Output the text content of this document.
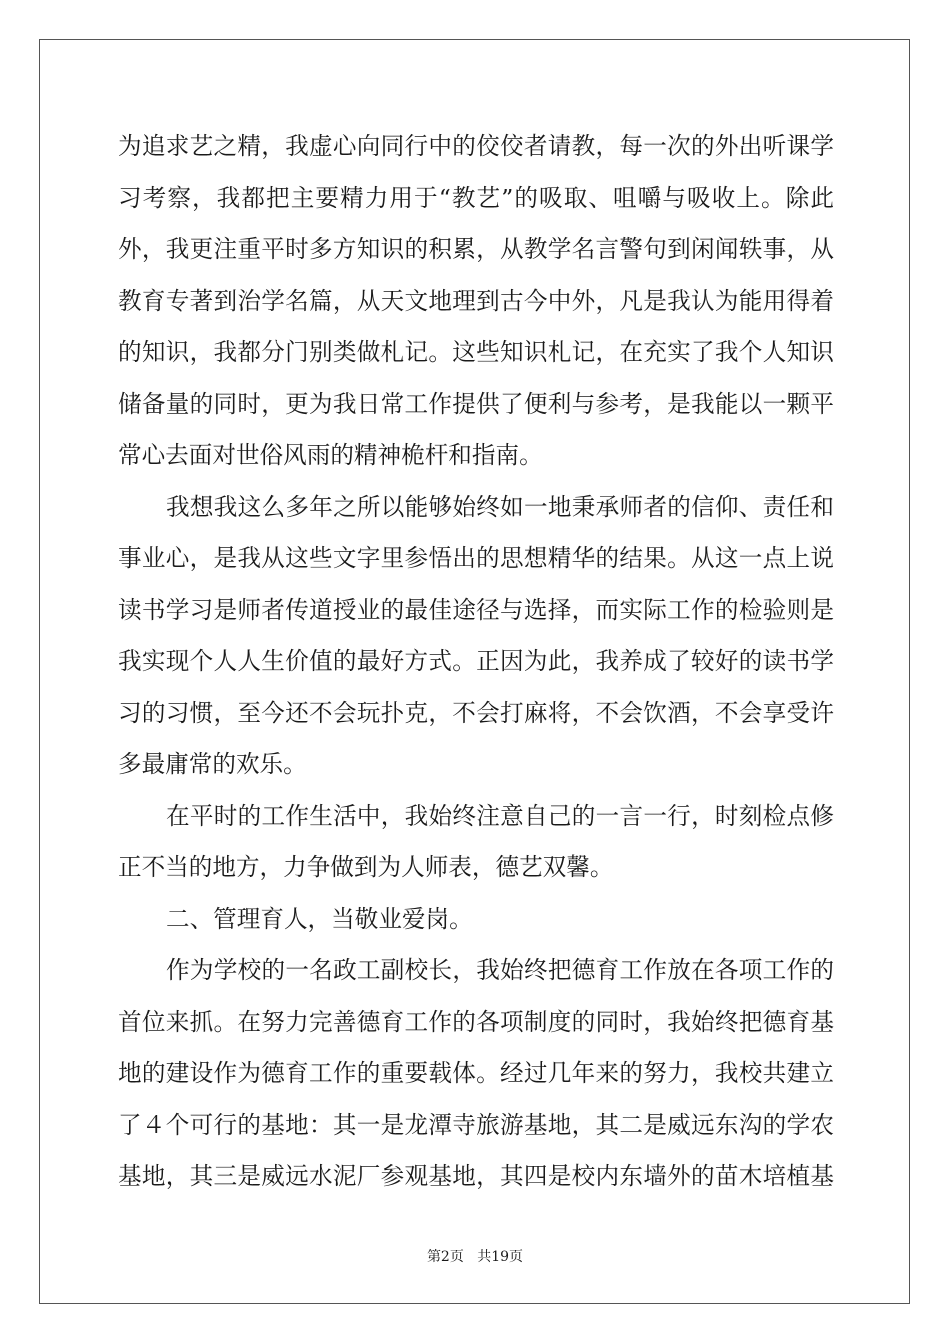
为追求艺之精，我虚心向同行中的佼佼者请教，每一次的外出听课学
习考察，我都把主要精力用于“教艺”的吸取、咀嚼与吸收上。除此
外，我更注重平时多方知识的积累，从教学名言警句到闲闻轶事，从
教育专著到治学名篇，从天文地理到古今中外，凡是我认为能用得着
的知识，我都分门别类做札记。这些知识札记，在充实了我个人知识
储备量的同时，更为我日常工作提供了便利与参考，是我能以一颗平
常心去面对世俗风雨的精神桅杆和指南。
我想我这么多年之所以能够始终如一地秉承师者的信仰、责任和
事业心，是我从这些文字里参悟出的思想精华的结果。从这一点上说
读书学习是师者传道授业的最佳途径与选择，而实际工作的检验则是
我实现个人人生价值的最好方式。正因为此，我养成了较好的读书学
习的习惯，至今还不会玩扑克，不会打麻将，不会饮酒，不会享受许
多最庸常的欢乐。
在平时的工作生活中，我始终注意自己的一言一行，时刻检点修
正不当的地方，力争做到为人师表，德艺双馨。
二、管理育人，当敬业爱岗。
作为学校的一名政工副校长，我始终把德育工作放在各项工作的
首位来抓。在努力完善德育工作的各项制度的同时，我始终把德育基
地的建设作为德育工作的重要载体。经过几年来的努力，我校共建立
了４个可行的基地：其一是龙潭寺旅游基地，其二是威远东沟的学农
基地，其三是威远水泥厂参观基地，其四是校内东墙外的苗木培植基
第2页 共19页
